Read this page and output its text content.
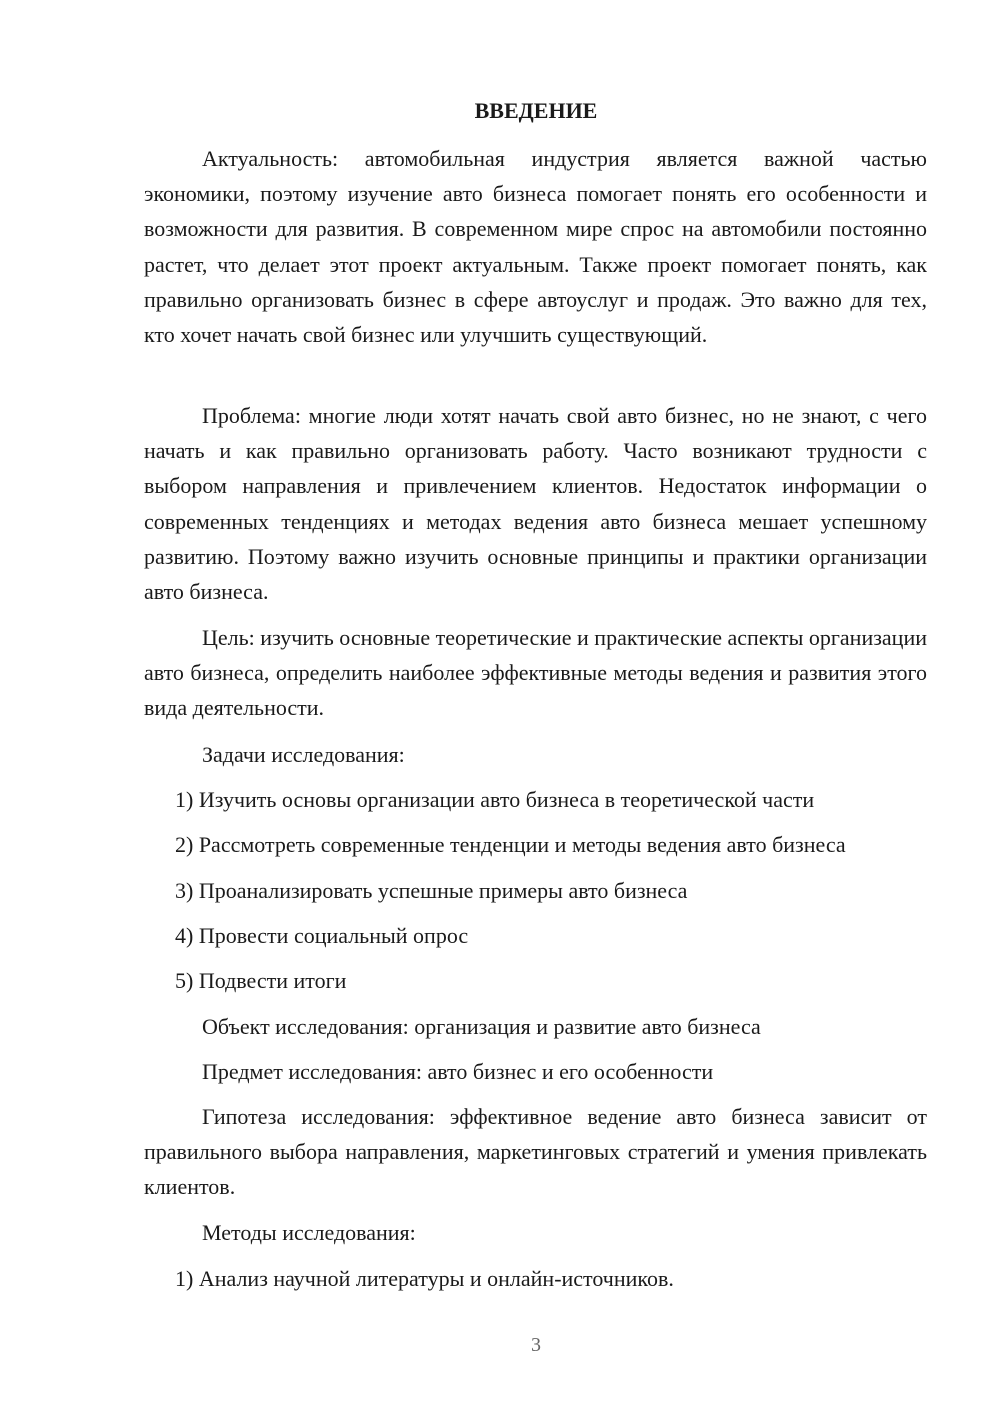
ВВЕДЕНИЕ
Актуальность: автомобильная индустрия является важной частью экономики, поэтому изучение авто бизнеса помогает понять его особенности и возможности для развития. В современном мире спрос на автомобили постоянно растет, что делает этот проект актуальным. Также проект помогает понять, как правильно организовать бизнес в сфере автоуслуг и продаж. Это важно для тех, кто хочет начать свой бизнес или улучшить существующий.
Проблема: многие люди хотят начать свой авто бизнес, но не знают, с чего начать и как правильно организовать работу. Часто возникают трудности с выбором направления и привлечением клиентов. Недостаток информации о современных тенденциях и методах ведения авто бизнеса мешает успешному развитию. Поэтому важно изучить основные принципы и практики организации авто бизнеса.
Цель: изучить основные теоретические и практические аспекты организации авто бизнеса, определить наиболее эффективные методы ведения и развития этого вида деятельности.
Задачи исследования:
1) Изучить основы организации авто бизнеса в теоретической части
2) Рассмотреть современные тенденции и методы ведения авто бизнеса
3) Проанализировать успешные примеры авто бизнеса
4) Провести социальный опрос
5) Подвести итоги
Объект исследования: организация и развитие авто бизнеса
Предмет исследования: авто бизнес и его особенности
Гипотеза исследования: эффективное ведение авто бизнеса зависит от правильного выбора направления, маркетинговых стратегий и умения привлекать клиентов.
Методы исследования:
1) Анализ научной литературы и онлайн-источников.
3
